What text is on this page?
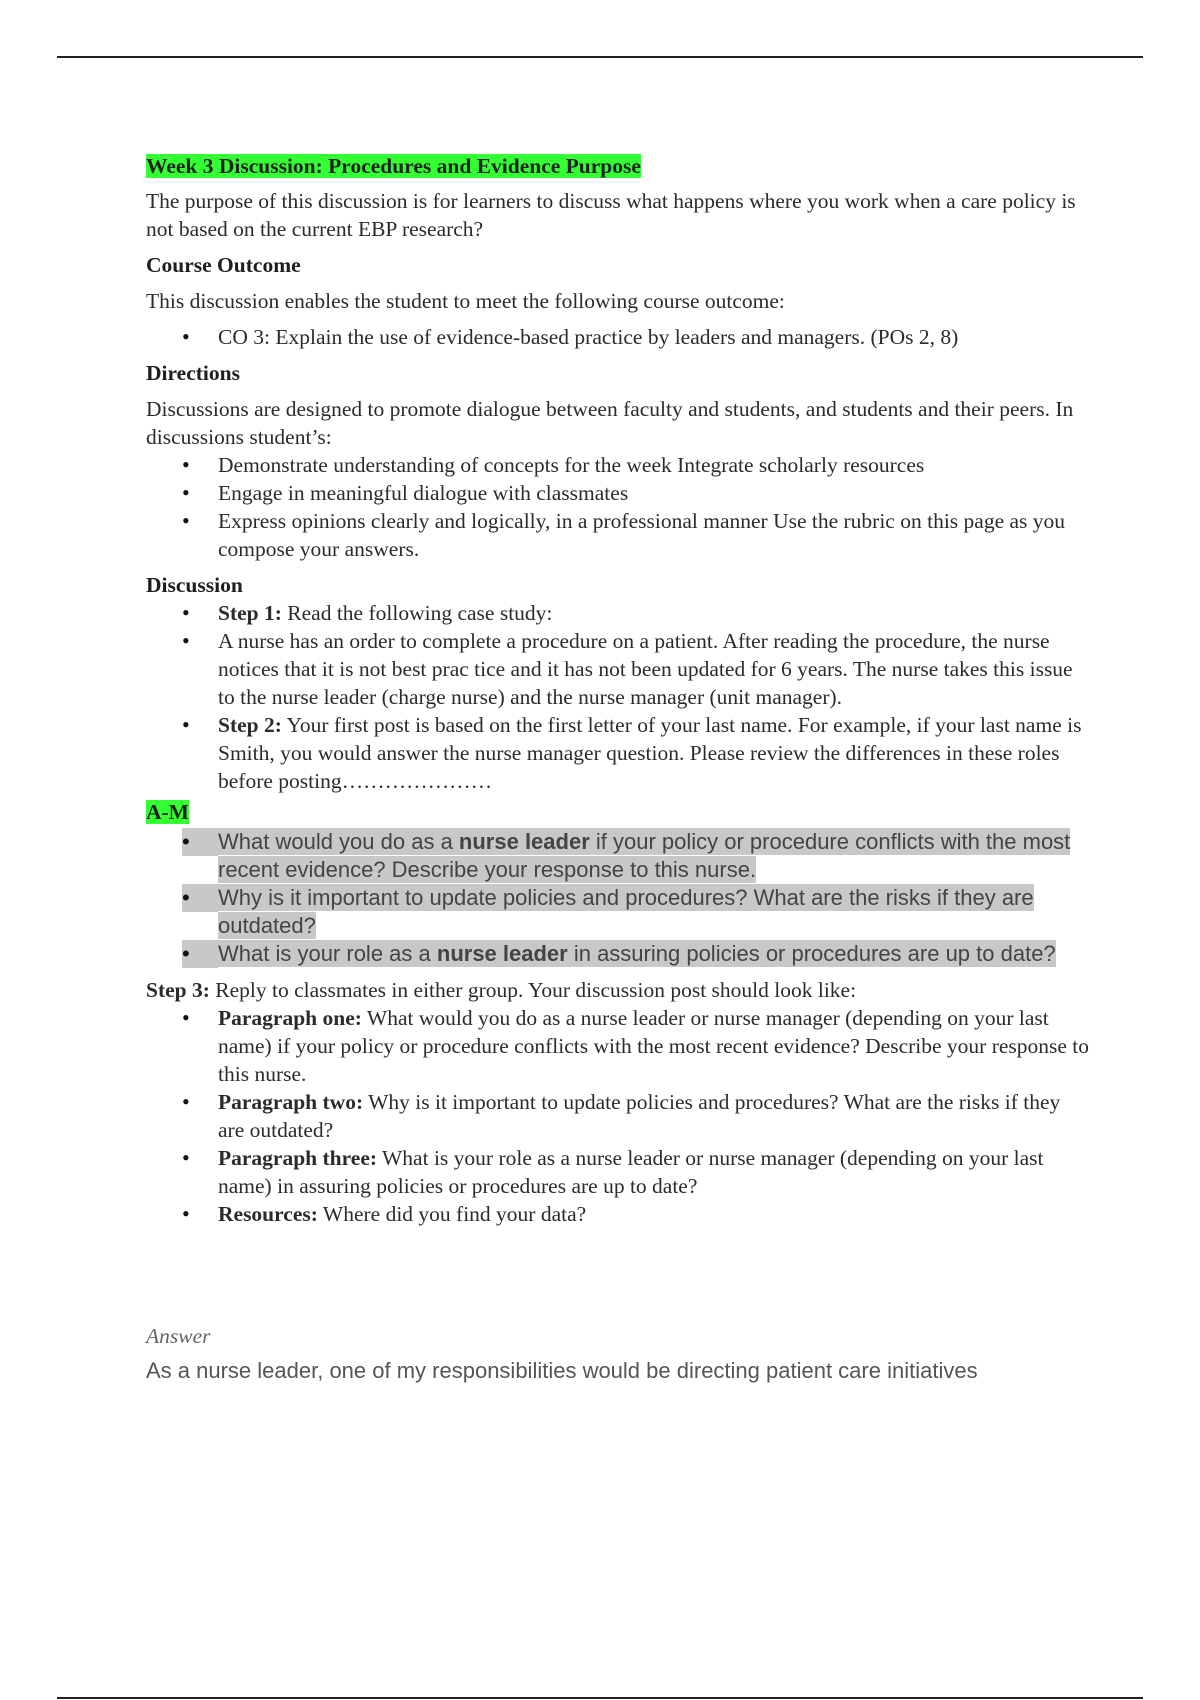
Week 3 Discussion: Procedures and Evidence Purpose

The purpose of this discussion is for learners to discuss what happens where you work when a care policy is not based on the current EBP research?

Course Outcome

This discussion enables the student to meet the following course outcome:

• CO 3: Explain the use of evidence-based practice by leaders and managers. (POs 2, 8)
Directions

Discussions are designed to promote dialogue between faculty and students, and students and their peers. In discussions student’s:

• Demonstrate understanding of concepts for the week Integrate scholarly resources
• Engage in meaningful dialogue with classmates
• Express opinions clearly and logically, in a professional manner Use the rubric on this page as you compose your answers.
Discussion
• Step 1: Read the following case study:
• A nurse has an order to complete a procedure on a patient. After reading the procedure, the nurse notices that it is not best prac tice and it has not been updated for 6 years. The nurse takes this issue to the nurse leader (charge nurse) and the nurse manager (unit manager).
• Step 2: Your first post is based on the first letter of your last name. For example, if your last name is Smith, you would answer the nurse manager question. Please review the differences in these roles before posting…………………
A-M
• What would you do as a nurse leader if your policy or procedure conflicts with the most recent evidence? Describe your response to this nurse.
• Why is it important to update policies and procedures? What are the risks if they are outdated?
• What is your role as a nurse leader in assuring policies or procedures are up to date?

Step 3: Reply to classmates in either group. Your discussion post should look like:

• Paragraph one: What would you do as a nurse leader or nurse manager (depending on your last name) if your policy or procedure conflicts with the most recent evidence? Describe your response to this nurse.
• Paragraph two: Why is it important to update policies and procedures? What are the risks if they are outdated?
• Paragraph three: What is your role as a nurse leader or nurse manager (depending on your last name) in assuring policies or procedures are up to date?
• Resources: Where did you find your data?

Answer

As a nurse leader, one of my responsibilities would be directing patient care initiatives
